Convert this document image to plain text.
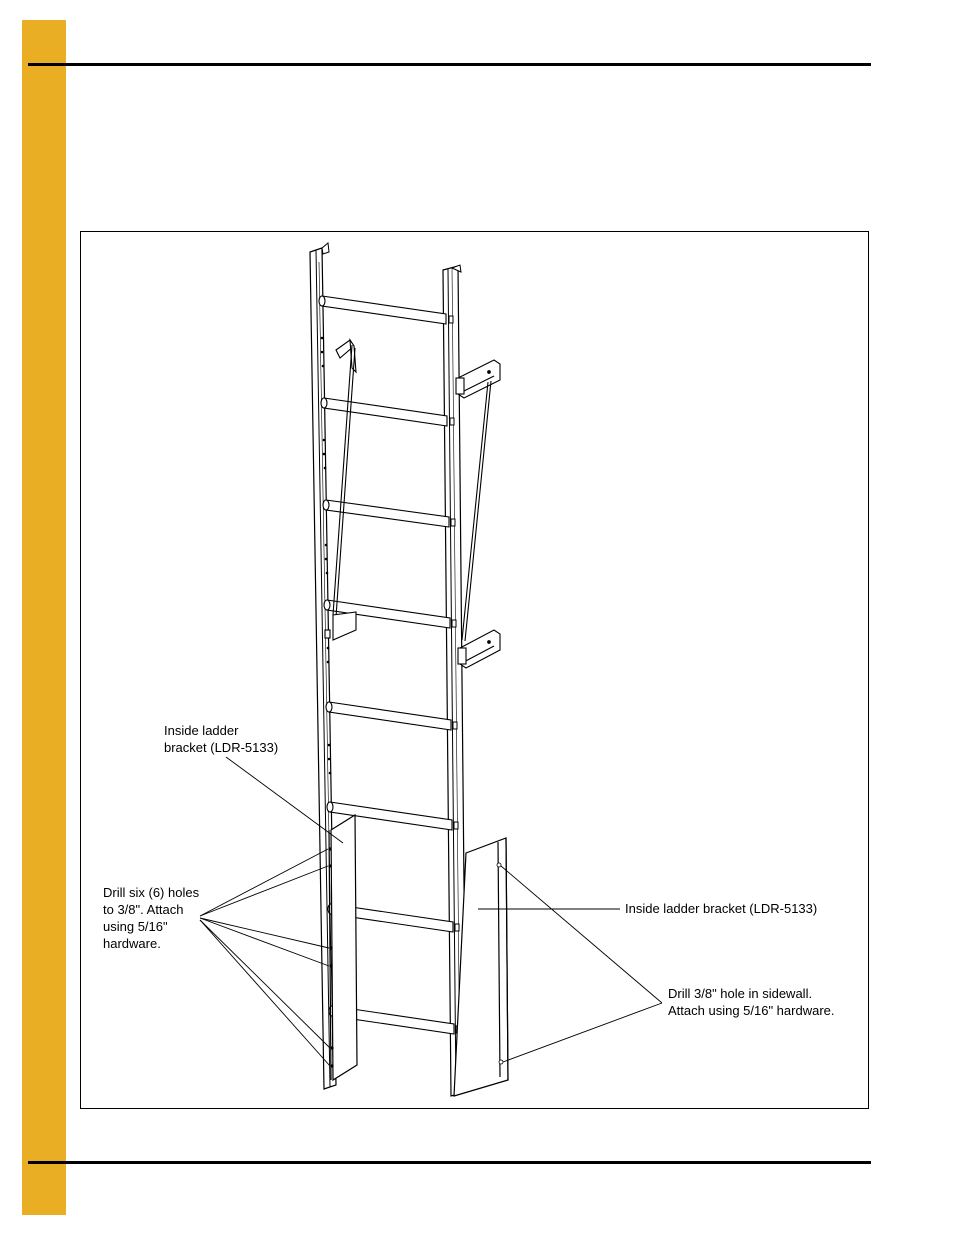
Inside ladder
bracket (LDR-5133)

Drill six (6) holes
to 3/8". Attach
using 5/16"
hardware.

Inside ladder bracket (LDR-5133)

Drill 3/8" hole in sidewall.
Attach using 5/16" hardware.
